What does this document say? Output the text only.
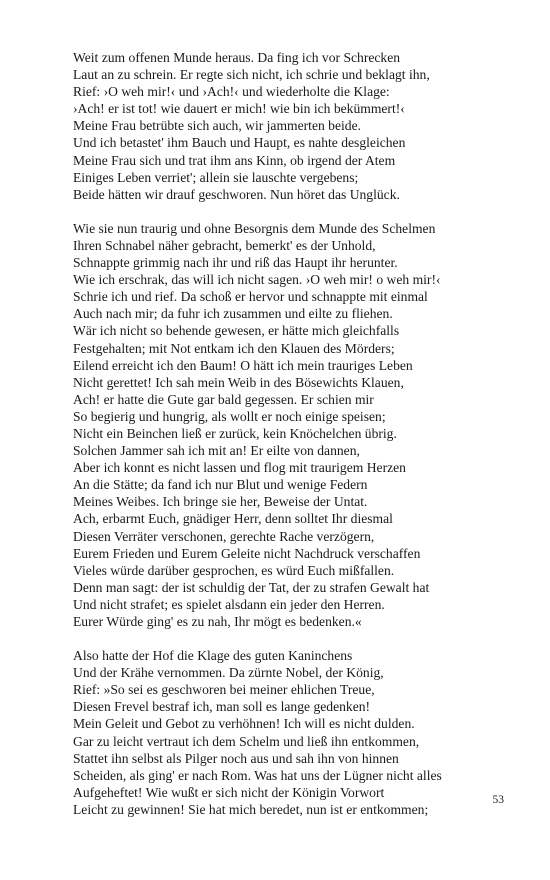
Weit zum offenen Munde heraus. Da fing ich vor Schrecken
Laut an zu schrein. Er regte sich nicht, ich schrie und beklagt ihn,
Rief: ›O weh mir!‹ und ›Ach!‹ und wiederholte die Klage:
›Ach! er ist tot! wie dauert er mich! wie bin ich bekümmert!‹
Meine Frau betrübte sich auch, wir jammerten beide.
Und ich betastet' ihm Bauch und Haupt, es nahte desgleichen
Meine Frau sich und trat ihm ans Kinn, ob irgend der Atem
Einiges Leben verriet'; allein sie lauschte vergebens;
Beide hätten wir drauf geschworen. Nun höret das Unglück.
Wie sie nun traurig und ohne Besorgnis dem Munde des Schelmen
Ihren Schnabel näher gebracht, bemerkt' es der Unhold,
Schnappte grimmig nach ihr und riß das Haupt ihr herunter.
Wie ich erschrak, das will ich nicht sagen. ›O weh mir! o weh mir!‹
Schrie ich und rief. Da schoß er hervor und schnappte mit einmal
Auch nach mir; da fuhr ich zusammen und eilte zu fliehen.
Wär ich nicht so behende gewesen, er hätte mich gleichfalls
Festgehalten; mit Not entkam ich den Klauen des Mörders;
Eilend erreicht ich den Baum! O hätt ich mein trauriges Leben
Nicht gerettet! Ich sah mein Weib in des Bösewichts Klauen,
Ach! er hatte die Gute gar bald gegessen. Er schien mir
So begierig und hungrig, als wollt er noch einige speisen;
Nicht ein Beinchen ließ er zurück, kein Knöchelchen übrig.
Solchen Jammer sah ich mit an! Er eilte von dannen,
Aber ich konnt es nicht lassen und flog mit traurigem Herzen
An die Stätte; da fand ich nur Blut und wenige Federn
Meines Weibes. Ich bringe sie her, Beweise der Untat.
Ach, erbarmt Euch, gnädiger Herr, denn solltet Ihr diesmal
Diesen Verräter verschonen, gerechte Rache verzögern,
Eurem Frieden und Eurem Geleite nicht Nachdruck verschaffen
Vieles würde darüber gesprochen, es würd Euch mißfallen.
Denn man sagt: der ist schuldig der Tat, der zu strafen Gewalt hat
Und nicht strafet; es spielet alsdann ein jeder den Herren.
Eurer Würde ging' es zu nah, Ihr mögt es bedenken.«
Also hatte der Hof die Klage des guten Kaninchens
Und der Krähe vernommen. Da zürnte Nobel, der König,
Rief: »So sei es geschworen bei meiner ehlichen Treue,
Diesen Frevel bestraf ich, man soll es lange gedenken!
Mein Geleit und Gebot zu verhöhnen! Ich will es nicht dulden.
Gar zu leicht vertraut ich dem Schelm und ließ ihn entkommen,
Stattet ihn selbst als Pilger noch aus und sah ihn von hinnen
Scheiden, als ging' er nach Rom. Was hat uns der Lügner nicht alles
Aufgeheftet! Wie wußt er sich nicht der Königin Vorwort
Leicht zu gewinnen! Sie hat mich beredet, nun ist er entkommen;
53
